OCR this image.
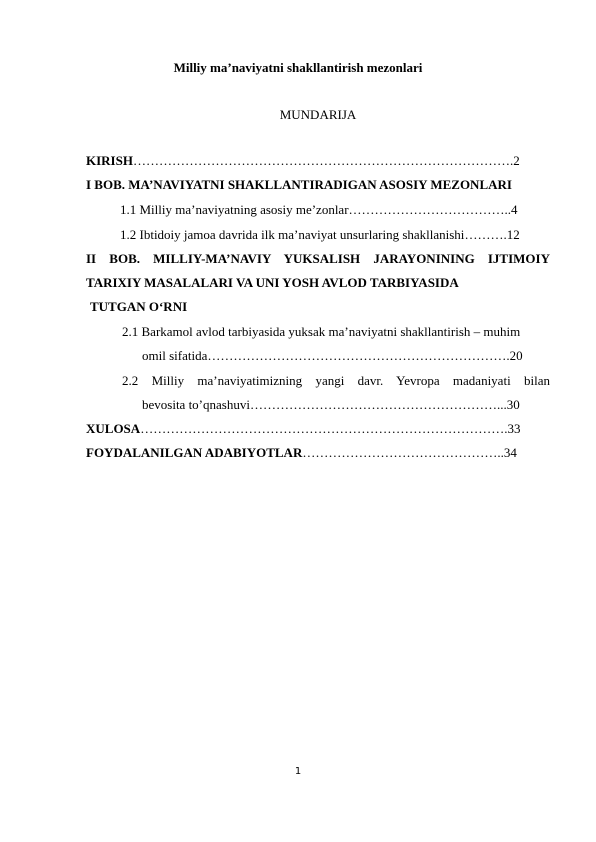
Milliy ma’naviyatni shakllantirish mezonlari
MUNDARIJA
KIRISH…………………………………………………………………………….2
I BOB. MA’NAVIYATNI SHAKLLANTIRADIGAN ASOSIY MEZONLARI
1.1 Milliy ma’naviyatning asosiy me’zonlar………………………………..4
1.2 Ibtidoiy jamoa davrida ilk ma’naviyat unsurlaring shakllanishi……….12
II BOB. MILLIY-MA’NAVIY YUKSALISH JARAYONINING IJTIMOIY
TARIXIY MASALALARI VA UNI YOSH AVLOD TARBIYASIDA
TUTGAN O‘RNI
2.1 Barkamol avlod tarbiyasida yuksak ma’naviyatni shakllantirish – muhim
omil sifatida…………………………………………………………….20
2.2 Milliy ma’naviyatimizning yangi davr. Yevropa madaniyati bilan
bevosita to’qnashuvi…………………………………………………...30
XULOSA………………………………………………………………………….33
FOYDALANILGAN ADABIYOTLAR………………………………………..34
1
